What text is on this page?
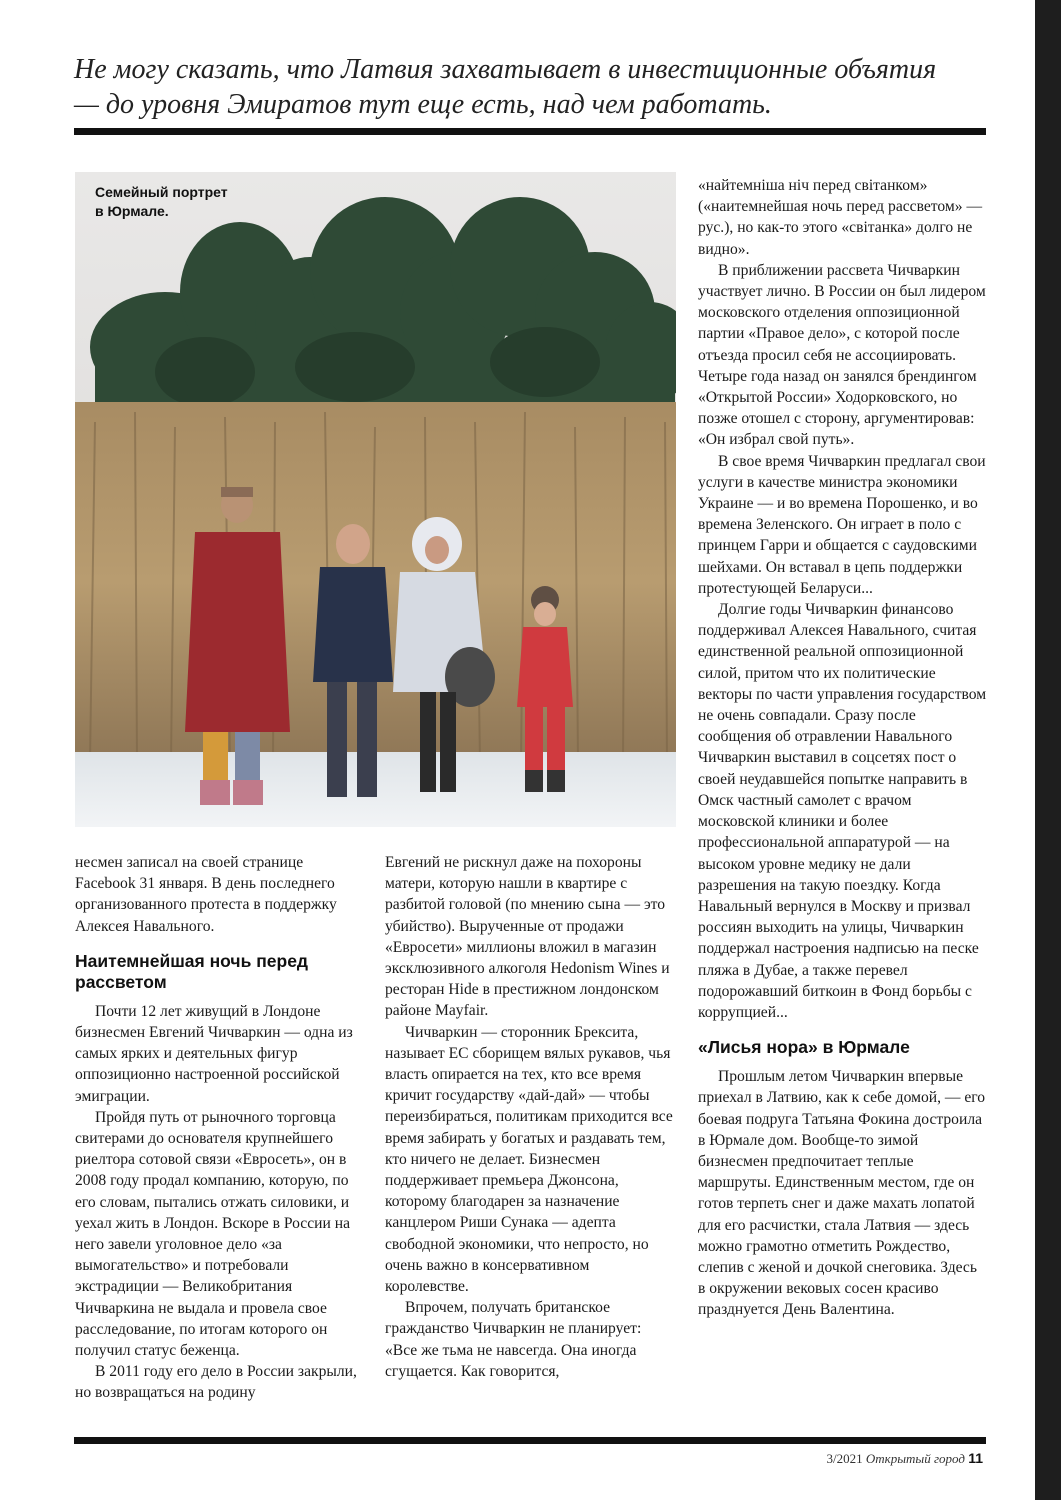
Не могу сказать, что Латвия захватывает в инвестиционные объятия

— до уровня Эмиратов тут еще есть, над чем работать.

Семейный портрет
в Юрмале.

несмен записал на своей странице Facebook 31 января. В день последнего организованного протеста в поддержку Алексея Навального.

Наитемнейшая ночь перед рассветом

Почти 12 лет живущий в Лондоне бизнесмен Евгений Чичваркин — одна из самых ярких и деятельных фигур оппозиционно настроенной российской эмиграции.

Пройдя путь от рыночного торговца свитерами до основателя крупнейшего риелтора сотовой связи «Евросеть», он в 2008 году продал компанию, которую, по его словам, пытались отжать силовики, и уехал жить в Лондон. Вскоре в России на него завели уголовное дело «за вымогательство» и потребовали экстрадиции — Великобритания Чичваркина не выдала и провела свое расследование, по итогам которого он получил статус беженца.

В 2011 году его дело в России закрыли, но возвращаться на родину

Евгений не рискнул даже на похороны матери, которую нашли в квартире с разбитой головой (по мнению сына — это убийство). Вырученные от продажи «Евросети» миллионы вложил в магазин эксклюзивного алкоголя Hedonism Wines и ресторан Hide в престижном лондонском районе Mayfair.

Чичваркин — сторонник Брексита, называет ЕС сборищем вялых рукавов, чья власть опирается на тех, кто все время кричит государству «дай-дай» — чтобы переизбираться, политикам приходится все время забирать у богатых и раздавать тем, кто ничего не делает. Бизнесмен поддерживает премьера Джонсона, которому благодарен за назначение канцлером Риши Сунака — адепта свободной экономики, что непросто, но очень важно в консервативном королевстве.

Впрочем, получать британское гражданство Чичваркин не планирует: «Все же тьма не навсегда. Она иногда сгущается. Как говорится,

«найтемніша ніч перед світанком» («наитемнейшая ночь перед рассветом» — рус.), но как-то этого «світанка» долго не видно».

В приближении рассвета Чичваркин участвует лично. В России он был лидером московского отделения оппозиционной партии «Правое дело», с которой после отъезда просил себя не ассоциировать. Четыре года назад он занялся брендингом «Открытой России» Ходорковского, но позже отошел с сторону, аргументировав: «Он избрал свой путь».

В свое время Чичваркин предлагал свои услуги в качестве министра экономики Украине — и во времена Порошенко, и во времена Зеленского. Он играет в поло с принцем Гарри и общается с саудовскими шейхами. Он вставал в цепь поддержки протестующей Беларуси...

Долгие годы Чичваркин финансово поддерживал Алексея Навального, считая единственной реальной оппозиционной силой, притом что их политические векторы по части управления государством не очень совпадали. Сразу после сообщения об отравлении Навального Чичваркин выставил в соцсетях пост о своей неудавшейся попытке направить в Омск частный самолет с врачом московской клиники и более профессиональной аппаратурой — на высоком уровне медику не дали разрешения на такую поездку. Когда Навальный вернулся в Москву и призвал россиян выходить на улицы, Чичваркин поддержал настроения надписью на песке пляжа в Дубае, а также перевел подорожавший биткоин в Фонд борьбы с коррупцией...

«Лисья нора» в Юрмале

Прошлым летом Чичваркин впервые приехал в Латвию, как к себе домой, — его боевая подруга Татьяна Фокина достроила в Юрмале дом. Вообще-то зимой бизнесмен предпочитает теплые маршруты. Единственным местом, где он готов терпеть снег и даже махать лопатой для его расчистки, стала Латвия — здесь можно грамотно отметить Рождество, слепив с женой и дочкой снеговика. Здесь в окружении вековых сосен красиво празднуется День Валентина.

3/2021 Открытый город 11
